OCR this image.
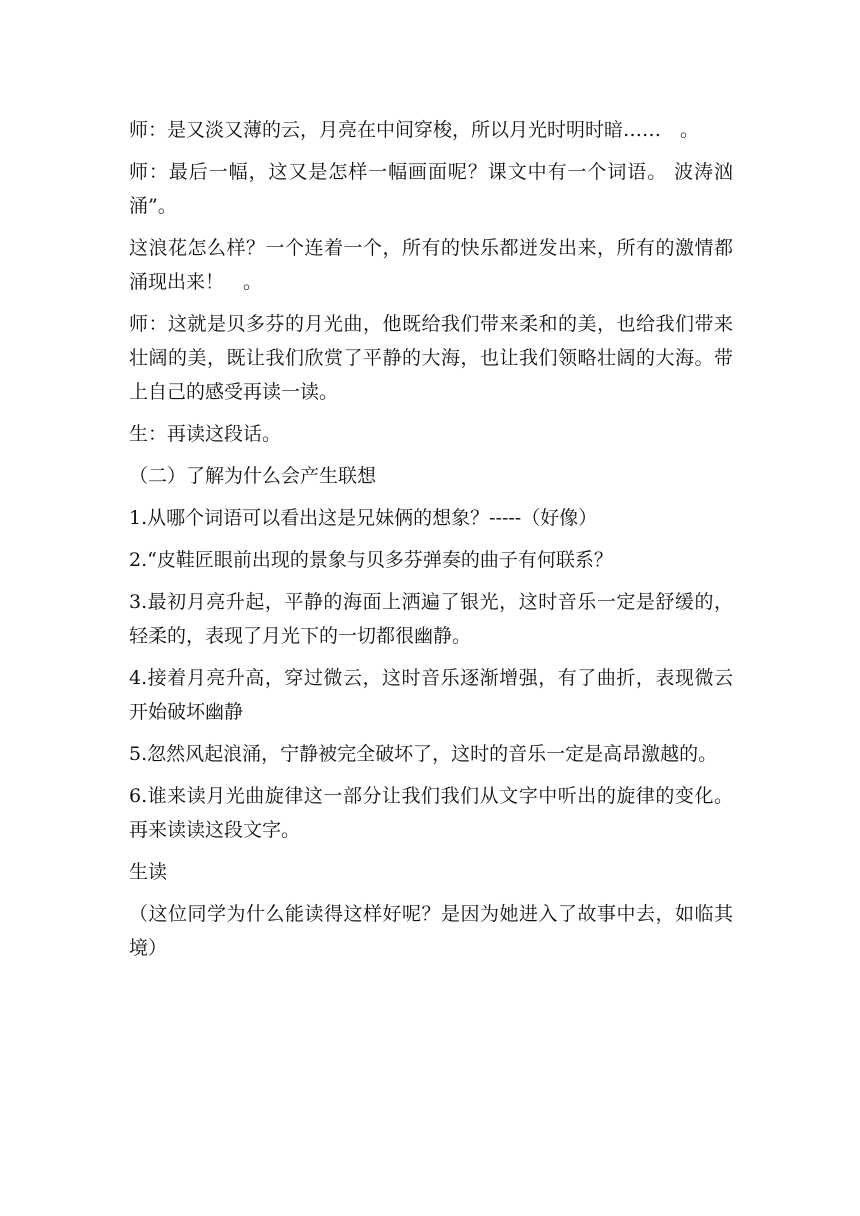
师：是又淡又薄的云，月亮在中间穿梭，所以月光时明时暗……　。

师：最后一幅，这又是怎样一幅画面呢？课文中有一个词语。 波涛汹涌”。

这浪花怎么样？一个连着一个，所有的快乐都迸发出来，所有的激情都涌现出来！　。

师：这就是贝多芬的月光曲，他既给我们带来柔和的美，也给我们带来壮阔的美，既让我们欣赏了平静的大海，也让我们领略壮阔的大海。带上自己的感受再读一读。

生：再读这段话。

（二）了解为什么会产生联想

1.从哪个词语可以看出这是兄妹俩的想象？-----（好像）

2.“皮鞋匠眼前出现的景象与贝多芬弹奏的曲子有何联系？

3.最初月亮升起，平静的海面上洒遍了银光，这时音乐一定是舒缓的，轻柔的，表现了月光下的一切都很幽静。

4.接着月亮升高，穿过微云，这时音乐逐渐增强，有了曲折，表现微云开始破坏幽静

5.忽然风起浪涌，宁静被完全破坏了，这时的音乐一定是高昂激越的。

6.谁来读月光曲旋律这一部分让我们我们从文字中听出的旋律的变化。再来读读这段文字。

生读

（这位同学为什么能读得这样好呢？是因为她进入了故事中去，如临其境）
